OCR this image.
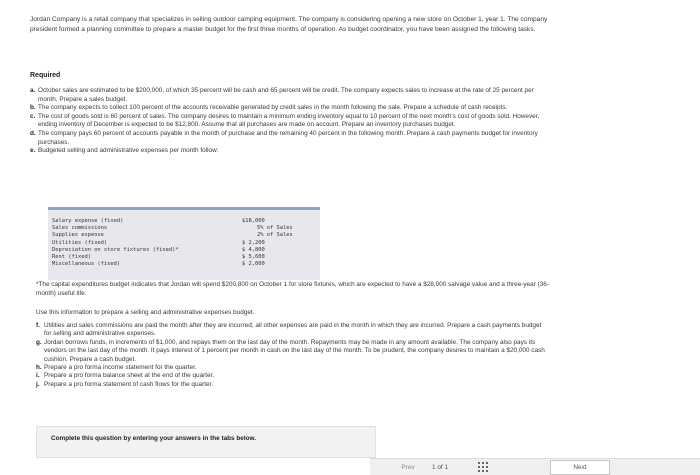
Jordan Company is a retail company that specializes in selling outdoor camping equipment. The company is considering opening a new store on October 1, year 1. The company president formed a planning committee to prepare a master budget for the first three months of operation. As budget coordinator, you have been assigned the following tasks.
Required
a. October sales are estimated to be $200,000, of which 35 percent will be cash and 65 percent will be credit. The company expects sales to increase at the rate of 25 percent per month. Prepare a sales budget.
b. The company expects to collect 100 percent of the accounts receivable generated by credit sales in the month following the sale. Prepare a schedule of cash receipts.
c. The cost of goods sold is 60 percent of sales. The company desires to maintain a minimum ending inventory equal to 10 percent of the next month's cost of goods sold. However, ending inventory of December is expected to be $12,800. Assume that all purchases are made on account. Prepare an inventory purchases budget.
d. The company pays 60 percent of accounts payable in the month of purchase and the remaining 40 percent in the following month. Prepare a cash payments budget for inventory purchases.
e. Budgeted selling and administrative expenses per month follow:
Salary expense (fixed)	$18,000
Sales commissions	5% of Sales
Supplies expense	2% of Sales
Utilities (fixed)	$ 2,200
Depreciation on store fixtures (fixed)*	$ 4,800
Rent (fixed)	$ 5,600
Miscellaneous (fixed)	$ 2,000
*The capital expenditures budget indicates that Jordan will spend $200,800 on October 1 for store fixtures, which are expected to have a $28,000 salvage value and a three-year (36-month) useful life.
Use this information to prepare a selling and administrative expenses budget.
f. Utilities and sales commissions are paid the month after they are incurred; all other expenses are paid in the month in which they are incurred. Prepare a cash payments budget for selling and administrative expenses.
g. Jordan borrows funds, in increments of $1,000, and repays them on the last day of the month. Repayments may be made in any amount available. The company also pays its vendors on the last day of the month. It pays interest of 1 percent per month in cash on the last day of the month. To be prudent, the company desires to maintain a $20,000 cash cushion. Prepare a cash budget.
h. Prepare a pro forma income statement for the quarter.
i. Prepare a pro forma balance sheet at the end of the quarter.
j. Prepare a pro forma statement of cash flows for the quarter.
Complete this question by entering your answers in the tabs below.
Prev	1 of 1	Next
